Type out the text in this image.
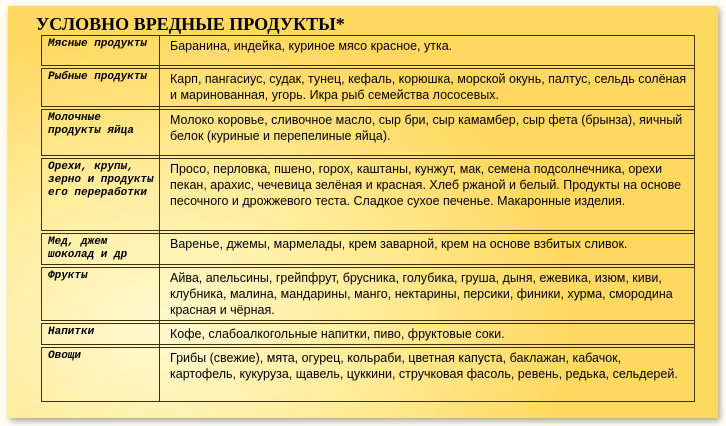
УСЛОВНО ВРЕДНЫЕ ПРОДУКТЫ*
Мясные продукты	Баранина, индейка, куриное мясо красное, утка.

Рыбные продукты	Карп, пангасиус, судак, тунец, кефаль, корюшка, морской окунь, палтус, сельдь солёная и маринованная, угорь. Икра рыб семейства лососевых.

Молочные продукты яйца	Молоко коровье, сливочное масло, сыр бри, сыр камамбер, сыр фета (брынза), яичный белок (куриные и перепелиные яйца).

Орехи, крупы, зерно и продукты его переработки	Просо, перловка, пшено, горох, каштаны, кунжут, мак, семена подсолнечника, орехи пекан, арахис, чечевица зелёная и красная. Хлеб ржаной и белый. Продукты на основе песочного и дрожжевого теста. Сладкое сухое печенье. Макаронные изделия.

Мед, джем шоколад и др	Варенье, джемы, мармелады, крем заварной, крем на основе взбитых сливок.

Фрукты	Айва, апельсины, грейпфрут, брусника, голубика, груша, дыня, ежевика, изюм, киви, клубника, малина, мандарины, манго, нектарины, персики, финики, хурма, смородина красная и чёрная.

Напитки	Кофе, слабоалкогольные напитки, пиво, фруктовые соки.

Овощи	Грибы (свежие), мята, огурец, кольраби, цветная капуста, баклажан, кабачок, картофель, кукуруза, щавель, цуккини, стручковая фасоль, ревень, редька, сельдерей.
